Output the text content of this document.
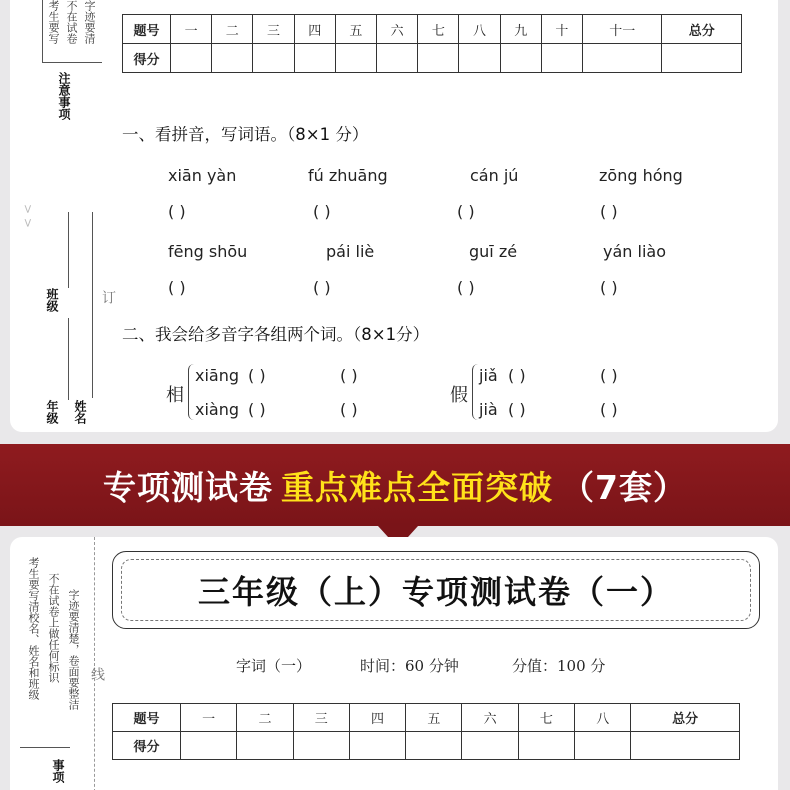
考生要写 不在试卷 字迹要清
注意事项
> >
班级
年级 姓名
订
题号	一	二	三	四	五	六	七	八	九	十	十一	总分
得分												
一、看拼音，写词语。（8×1 分）
xiān yàn	fú zhuāng	cán jú	zōng hóng
( )	( )	( )	( )
fēng shōu	pái liè	guī zé	yán liào
( )	( )	( )	( )
二、我会给多音字各组两个词。（8×1分）
相
xiāng ( )	( )
xiàng ( )	( )
假
jiǎ ( )	( )
jià ( )	( )
专项测试卷 重点难点全面突破 （7套）
考生要写清校名、姓名和班级 不在试卷上做任何标识 字迹要清楚，卷面要整洁 线
事项
三年级（上）专项测试卷（一）
字词（一）	时间：60 分钟	分值：100 分
题号	一	二	三	四	五	六	七	八	总分
得分									
